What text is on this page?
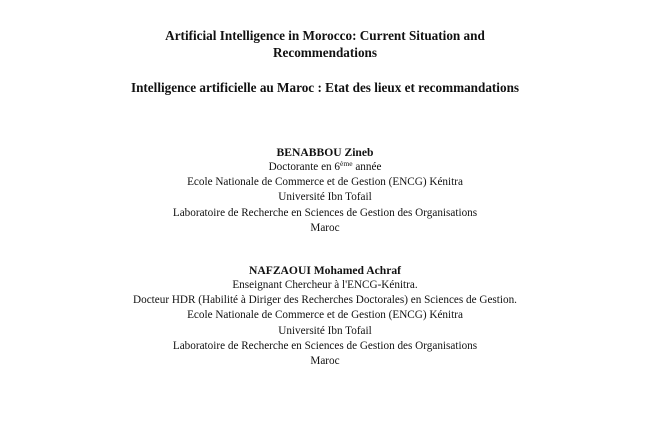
Artificial Intelligence in Morocco: Current Situation and
Recommendations
Intelligence artificielle au Maroc : Etat des lieux et recommandations
BENABBOU Zineb
Doctorante en 6ème année
Ecole Nationale de Commerce et de Gestion (ENCG) Kénitra
Université Ibn Tofail
Laboratoire de Recherche en Sciences de Gestion des Organisations
Maroc
NAFZAOUI Mohamed Achraf
Enseignant Chercheur à l'ENCG-Kénitra.
Docteur HDR (Habilité à Diriger des Recherches Doctorales) en Sciences de Gestion.
Ecole Nationale de Commerce et de Gestion (ENCG) Kénitra
Université Ibn Tofail
Laboratoire de Recherche en Sciences de Gestion des Organisations
Maroc
